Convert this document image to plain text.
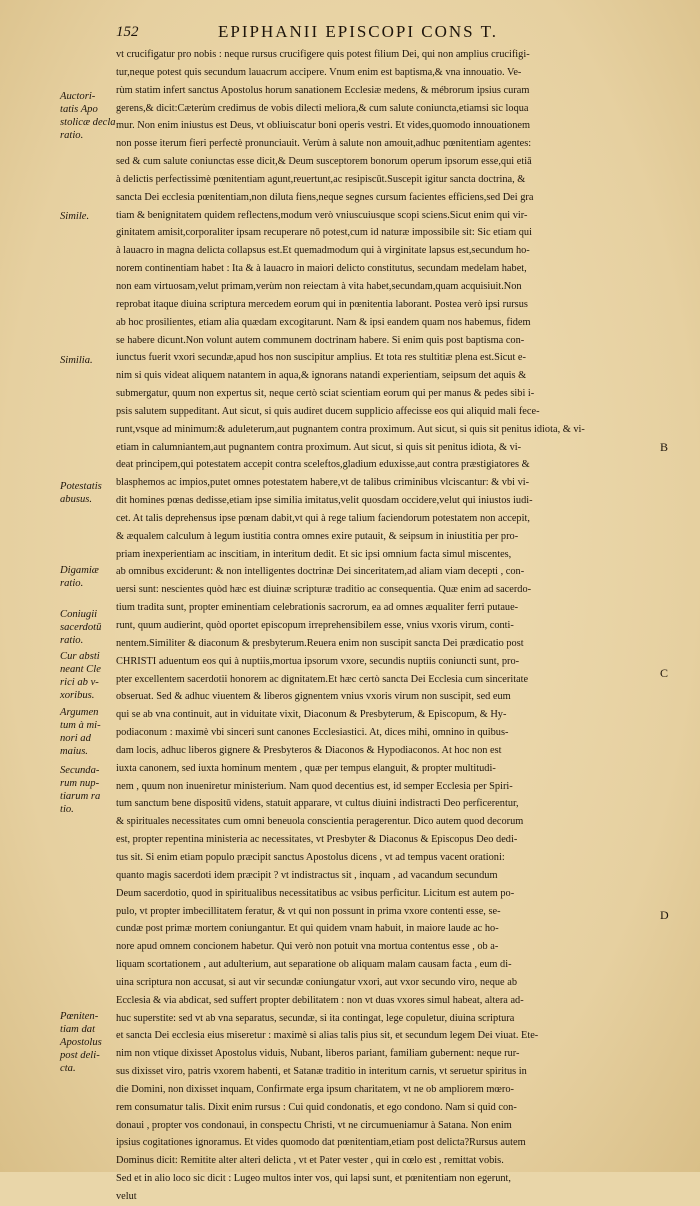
152	EPIPHANII EPISCOPI CONS T.
vt crucifigatur pro nobis : neque rursus crucifigere quis potest filium Dei, qui non amplius crucifigi-
tur,neque potest quis secundum lauacrum accipere. Vnum enim est baptisma,& vna innouatio. Ve-
rùm statim infert sanctus Apostolus horum sanationem Ecclesiæ medens, & mébrorum ipsius curam
gerens,& dicit:Cæterùm credimus de vobis dilecti meliora,& cum salute coniuncta,etiamsi sic loqua
mur. Non enim iniustus est Deus, vt obliuiscatur boni operis vestri. Et vides,quomodo innouationem
non posse iterum fieri perfectè pronunciauit. Verùm à salute non amouit,adhuc pœnitentiam agentes:
sed & cum salute coniunctas esse dicit,& Deum susceptorem bonorum operum ipsorum esse,qui etiā
à delictis perfectissimè pœnitentiam agunt,reuertunt,ac resipiscūt.Suscepit igitur sancta doctrina, &
sancta Dei ecclesia pœnitentiam,non diluta fiens,neque segnes cursum facientes efficiens,sed Dei gra
tiam & benignitatem quidem reflectens,modum verò vniuscuiusque scopi sciens.Sicut enim qui vir-
ginitatem amisit,corporaliter ipsam recuperare nō potest,cum id naturæ impossibile sit: Sic etiam qui
à lauacro in magna delicta collapsus est.Et quemadmodum qui à virginitate lapsus est,secundum ho-
norem continentiam habet : Ita & à lauacro in maiori delicto constitutus, secundam medelam habet,
non eam virtuosam,velut primam,verùm non reiectam à vita habet,secundam,quam acquisiuit.Non
reprobat itaque diuina scriptura mercedem eorum qui in pœnitentia laborant. Postea verò ipsi rursus
ab hoc prosilientes, etiam alia quædam excogitarunt. Nam & ipsi eandem quam nos habemus, fidem
se habere dicunt.Non volunt autem communem doctrinam habere. Si enim quis post baptisma con-
iunctus fuerit vxori secundæ,apud hos non suscipitur amplius. Et tota res stultitiæ plena est.Sicut e-
nim si quis videat aliquem natantem in aqua,& ignorans natandi experientiam, seipsum det aquis &
submergatur, quum non expertus sit, neque certò sciat scientiam eorum qui per manus & pedes sibi i-
psis salutem suppeditant. Aut sicut, si quis audiret ducem supplicio affecisse eos qui aliquid mali fece-
runt,vsque ad minimum:& aduleterum,aut pugnantem contra proximum. Aut sicut, si quis sit penitus idiota, & vi-
etiam in calumniantem,aut pugnantem contra proximum. Aut sicut, si quis sit penitus idiota, & vi-
deat principem,qui potestatem accepit contra sceleftos,gladium eduxisse,aut contra præstigiatores &
blasphemos ac impios,putet omnes potestatem habere,vt de talibus criminibus vlciscantur: & vbi vi-
dit homines pœnas dedisse,etiam ipse similia imitatus,velit quosdam occidere,velut qui iniustos iudi-
cet. At talis deprehensus ipse pœnam dabit,vt qui à rege talium faciendorum potestatem non accepit,
& æqualem calculum à legum iustitia contra omnes exire putauit, & seipsum in iniustitia per pro-
priam inexperientiam ac inscitiam, in interitum dedit. Et sic ipsi omnium facta simul miscentes,
ab omnibus exciderunt: & non intelligentes doctrinæ Dei sinceritatem,ad aliam viam decepti , con-
uersi sunt: nescientes quòd hæc est diuinæ scripturæ traditio ac consequentia. Quæ enim ad sacerdo-
tium tradita sunt, propter eminentiam celebrationis sacrorum, ea ad omnes æqualiter ferri putaue-
runt, quum audierint, quòd oportet episcopum irreprehensibilem esse, vnius vxoris virum, conti-
nentem.Similiter & diaconum & presbyterum.Reuera enim non suscipit sancta Dei prædicatio post
CHRISTI aduentum eos qui à nuptiis,mortua ipsorum vxore, secundis nuptiis coniuncti sunt, pro-
pter excellentem sacerdotii honorem ac dignitatem.Et hæc certò sancta Dei Ecclesia cum sinceritate
obseruat. Sed & adhuc viuentem & liberos gignentem vnius vxoris virum non suscipit, sed eum
qui se ab vna continuit, aut in viduitate vixit, Diaconum & Presbyterum, & Episcopum, & Hy-
podiaconum : maximè vbi sinceri sunt canones Ecclesiastici. At, dices mihi, omnino in quibus-
dam locis, adhuc liberos gignere & Presbyteros & Diaconos & Hypodiaconos. At hoc non est
iuxta canonem, sed iuxta hominum mentem , quæ per tempus elanguit, & propter multitudi-
nem , quum non inueniretur ministerium. Nam quod decentius est, id semper Ecclesia per Spiri-
tum sanctum bene dispositū videns, statuit apparare, vt cultus diuini indistracti Deo perficerentur,
& spirituales necessitates cum omni beneuola conscientia peragerentur. Dico autem quod decorum
est, propter repentina ministeria ac necessitates, vt Presbyter & Diaconus & Episcopus Deo dedi-
tus sit. Si enim etiam populo præcipit sanctus Apostolus dicens , vt ad tempus vacent orationi:
quanto magis sacerdoti idem præcipit ? vt indistractus sit , inquam , ad vacandum secundum
Deum sacerdotio, quod in spiritualibus necessitatibus ac vsibus perficitur. Licitum est autem po-
pulo, vt propter imbecillitatem feratur, & vt qui non possunt in prima vxore contenti esse, se-
cundæ post primæ mortem coniungantur. Et qui quidem vnam habuit, in maiore laude ac ho-
nore apud omnem concionem habetur. Qui verò non potuit vna mortua contentus esse , ob a-
liquam scortationem , aut adulterium, aut separatione ob aliquam malam causam facta , eum di-
uina scriptura non accusat, si aut vir secundæ coniungatur vxori, aut vxor secundo viro, neque ab
Ecclesia & via abdicat, sed suffert propter debilitatem : non vt duas vxores simul habeat, altera ad-
huc superstite: sed vt ab vna separatus, secundæ, si ita contingat, lege copuletur, diuina scriptura
et sancta Dei ecclesia eius miseretur : maximè si alias talis pius sit, et secundum legem Dei viuat. Ete-
nim non vtique dixisset Apostolus viduis, Nubant, liberos pariant, familiam gubernent: neque rur-
sus dixisset viro, patris vxorem habenti, et Satanæ traditio in interitum carnis, vt seruetur spiritus in
die Domini, non dixisset inquam, Confirmate erga ipsum charitatem, vt ne ob ampliorem mœro-
rem consumatur talis. Dixit enim rursus : Cui quid condonatis, et ego condono. Nam si quid con-
donaui , propter vos condonaui, in conspectu Christi, vt ne circumueniamur à Satana. Non enim
ipsius cogitationes ignoramus. Et vides quomodo dat pœnitentiam,etiam post delicta?Rursus autem
Dominus dicit: Remitite alter alteri delicta , vt et Pater vester , qui in cœlo est , remittat vobis.
Sed et in alio loco sic dicit : Lugeo multos inter vos, qui lapsi sunt, et pœnitentiam non egerunt,
velut
Auctori-
tatis Apo
stolicæ decla
ratio.
Simile.
Similia.
Potestatis
abusus.
Digamiæ
ratio.
Coniugii
sacerdotū
ratio.
Cur absti
neant Cle
rici ab v-
xoribus.
Argumen
tum à mi-
nori ad
maius.
Secunda-
rum nup-
tiarum ra
tio.
Pœniten-
tiam dat
Apostolus
post deli-
cta.
B
C
D
